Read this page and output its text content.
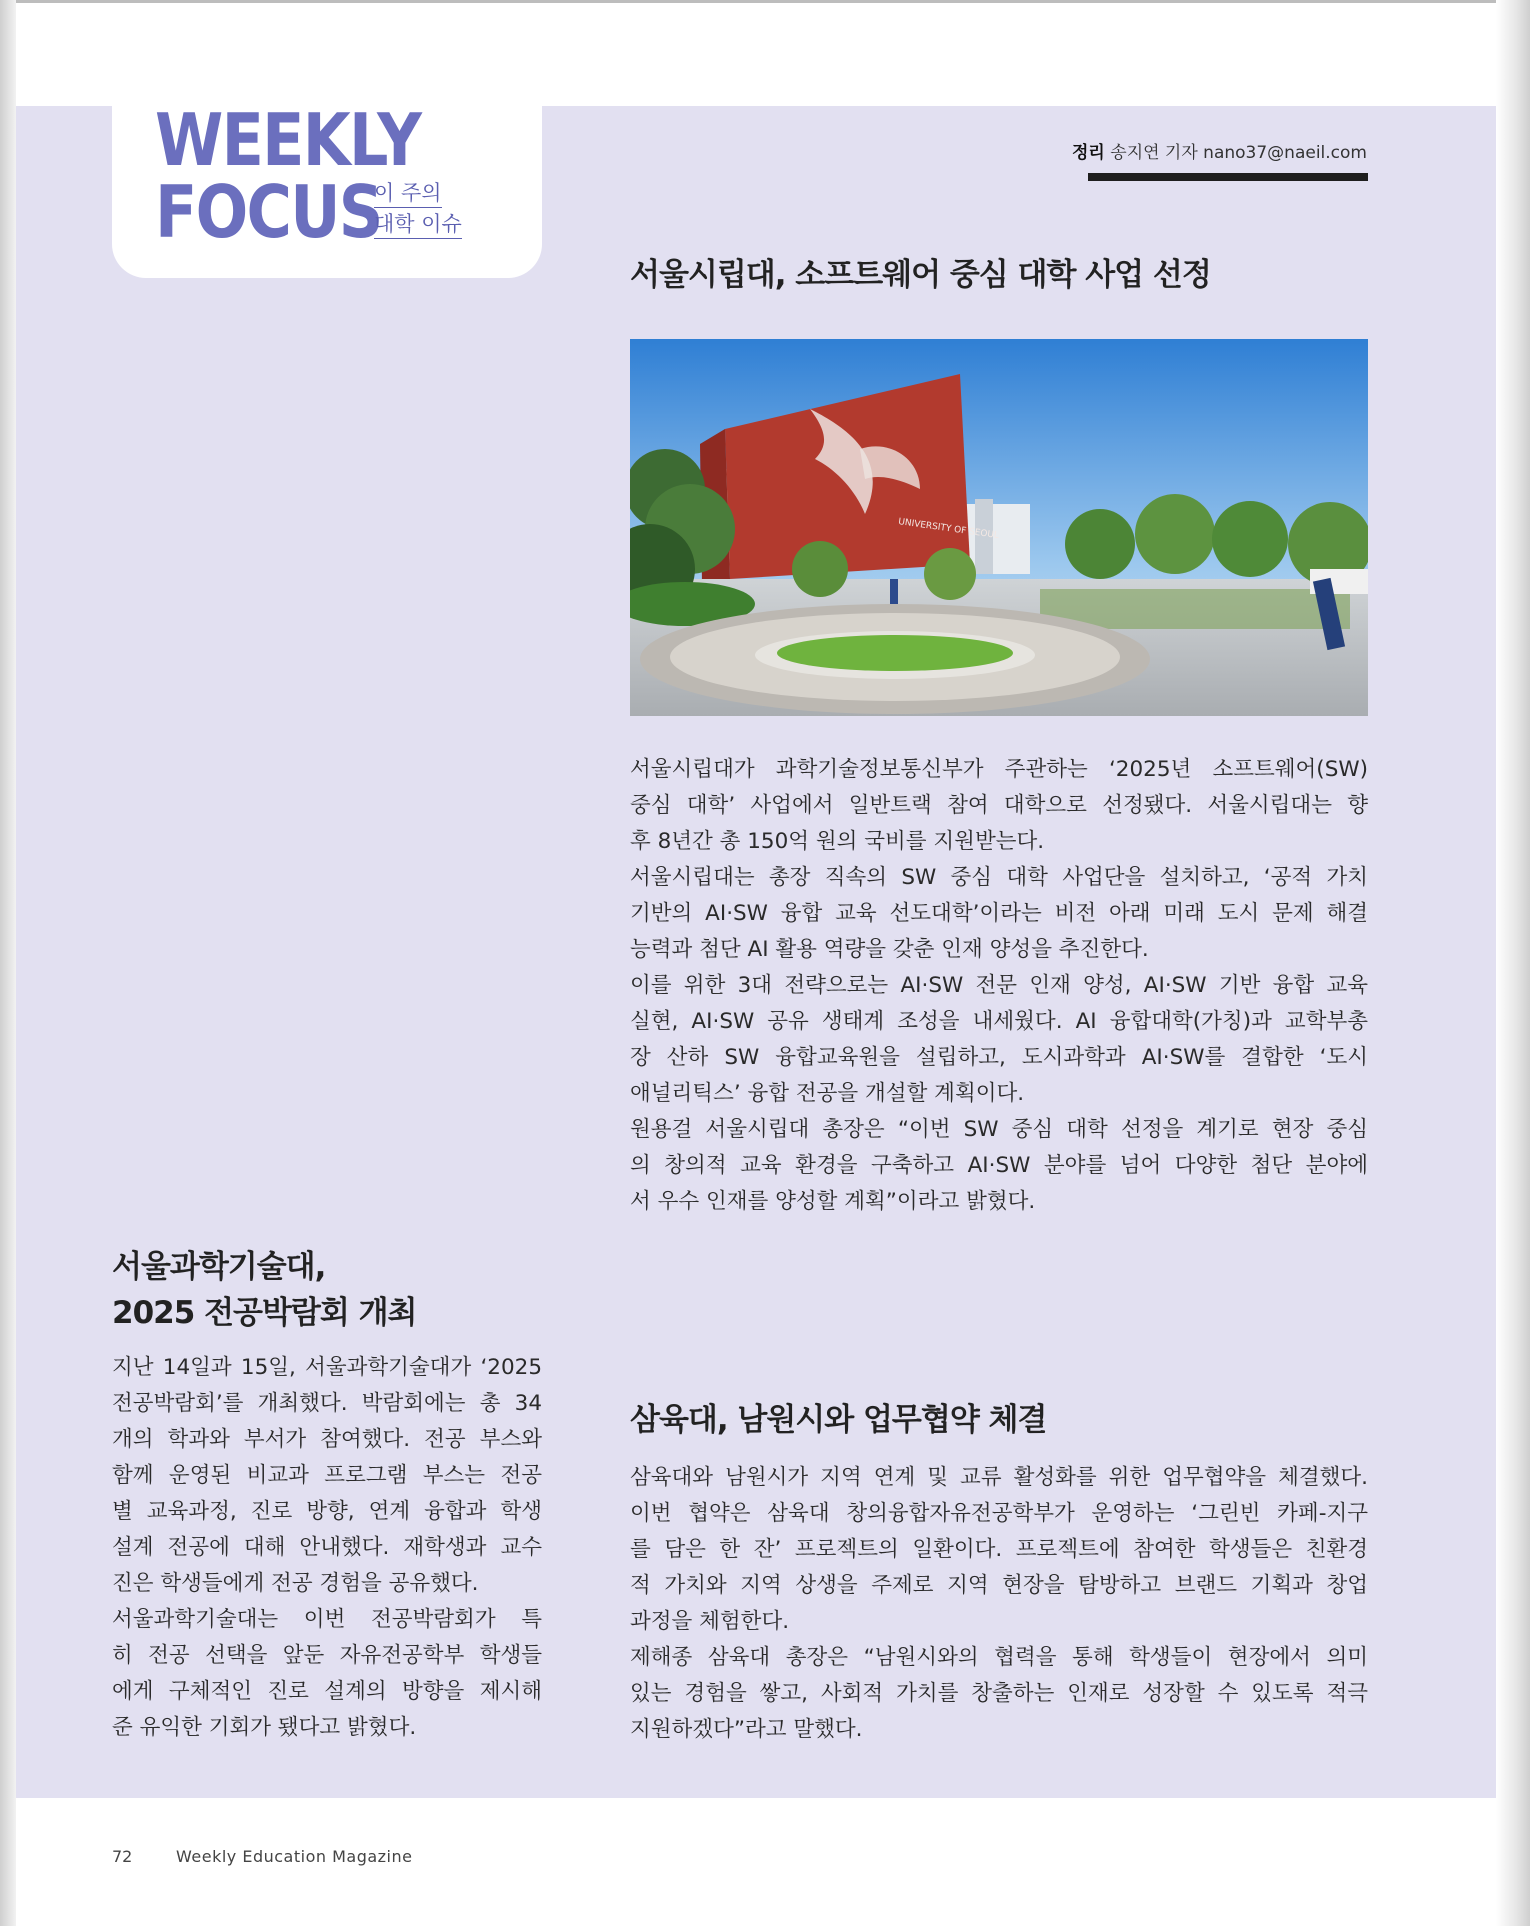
WEEKLY
FOCUS
이 주의
대학 이슈
정리 송지연 기자 nano37@naeil.com
서울시립대, 소프트웨어 중심 대학 사업 선정
UNIVERSITY OF SEOUL
서울시립대가 과학기술정보통신부가 주관하는 ‘2025년 소프트웨어(SW)
중심 대학’ 사업에서 일반트랙 참여 대학으로 선정됐다. 서울시립대는 향
후 8년간 총 150억 원의 국비를 지원받는다.
서울시립대는 총장 직속의 SW 중심 대학 사업단을 설치하고, ‘공적 가치
기반의 AI·SW 융합 교육 선도대학’이라는 비전 아래 미래 도시 문제 해결
능력과 첨단 AI 활용 역량을 갖춘 인재 양성을 추진한다.
이를 위한 3대 전략으로는 AI·SW 전문 인재 양성, AI·SW 기반 융합 교육
실현, AI·SW 공유 생태계 조성을 내세웠다. AI 융합대학(가칭)과 교학부총
장 산하 SW 융합교육원을 설립하고, 도시과학과 AI·SW를 결합한 ‘도시
애널리틱스’ 융합 전공을 개설할 계획이다.
원용걸 서울시립대 총장은 “이번 SW 중심 대학 선정을 계기로 현장 중심
의 창의적 교육 환경을 구축하고 AI·SW 분야를 넘어 다양한 첨단 분야에
서 우수 인재를 양성할 계획”이라고 밝혔다.
서울과학기술대,
2025 전공박람회 개최
지난 14일과 15일, 서울과학기술대가 ‘2025
전공박람회’를 개최했다. 박람회에는 총 34
개의 학과와 부서가 참여했다. 전공 부스와
함께 운영된 비교과 프로그램 부스는 전공
별 교육과정, 진로 방향, 연계 융합과 학생
설계 전공에 대해 안내했다. 재학생과 교수
진은 학생들에게 전공 경험을 공유했다.
서울과학기술대는 이번 전공박람회가 특
히 전공 선택을 앞둔 자유전공학부 학생들
에게 구체적인 진로 설계의 방향을 제시해
준 유익한 기회가 됐다고 밝혔다.
삼육대, 남원시와 업무협약 체결
삼육대와 남원시가 지역 연계 및 교류 활성화를 위한 업무협약을 체결했다.
이번 협약은 삼육대 창의융합자유전공학부가 운영하는 ‘그린빈 카페-지구
를 담은 한 잔’ 프로젝트의 일환이다. 프로젝트에 참여한 학생들은 친환경
적 가치와 지역 상생을 주제로 지역 현장을 탐방하고 브랜드 기획과 창업
과정을 체험한다.
제해종 삼육대 총장은 “남원시와의 협력을 통해 학생들이 현장에서 의미
있는 경험을 쌓고, 사회적 가치를 창출하는 인재로 성장할 수 있도록 적극
지원하겠다”라고 말했다.
72	Weekly Education Magazine
